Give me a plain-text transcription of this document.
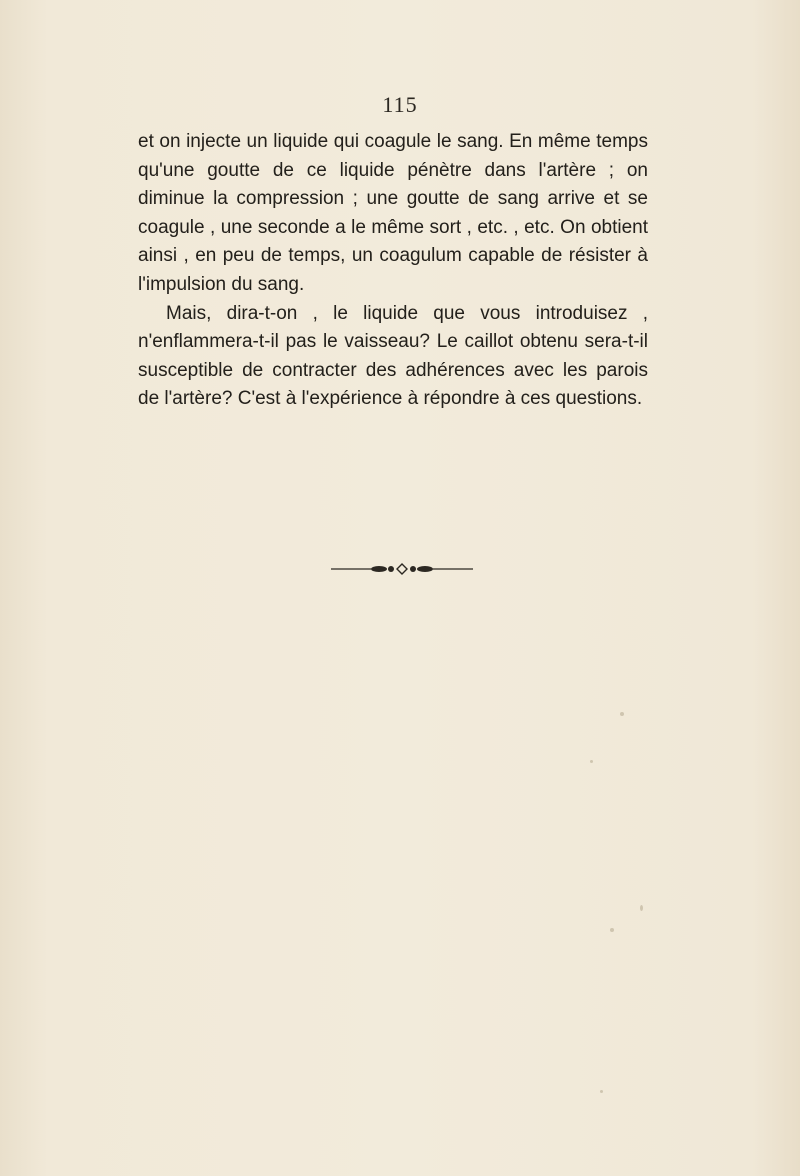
115

et on injecte un liquide qui coagule le sang. En même temps qu'une goutte de ce liquide pénètre dans l'artère ; on diminue la compression ; une goutte de sang arrive et se coagule , une seconde a le même sort , etc. , etc. On obtient ainsi , en peu de temps, un coagulum capable de résister à l'impulsion du sang.

Mais, dira-t-on , le liquide que vous introduisez , n'enflammera-t-il pas le vaisseau? Le caillot obtenu sera-t-il susceptible de contracter des adhérences avec les parois de l'artère? C'est à l'expérience à répondre à ces questions.
